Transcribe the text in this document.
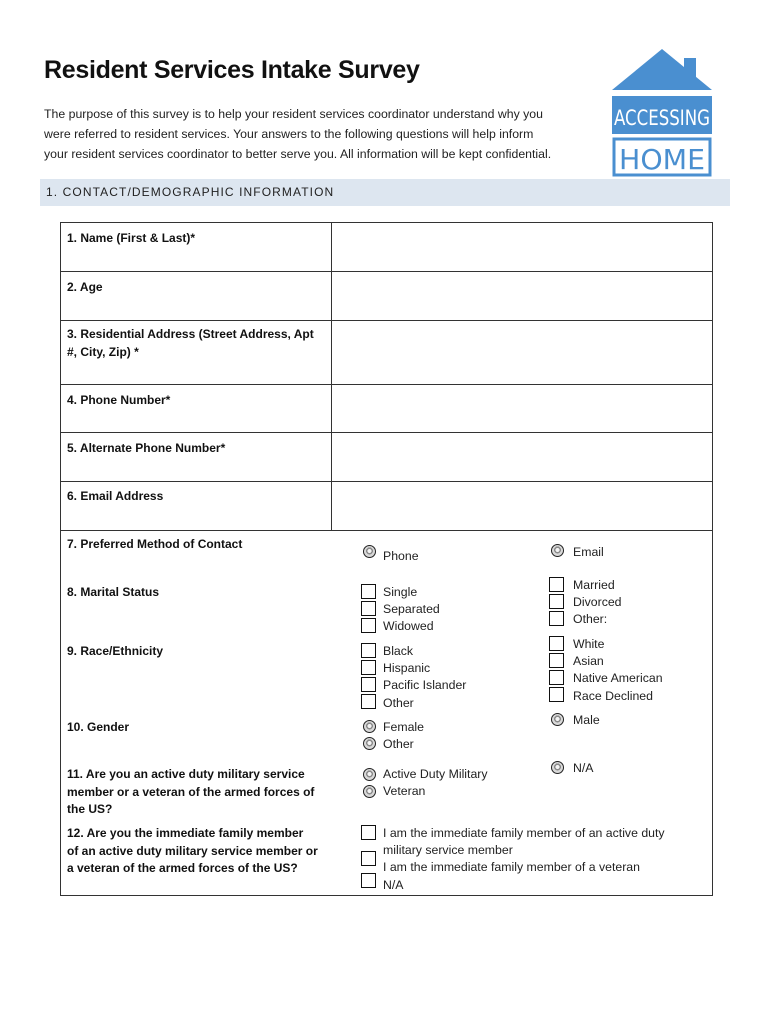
Resident Services Intake Survey
The purpose of this survey is to help your resident services coordinator understand why you
were referred to resident services. Your answers to the following questions will help inform
your resident services coordinator to better serve you. All information will be kept confidential.
ACCESSING
HOME
1. CONTACT/DEMOGRAPHIC INFORMATION
1. Name (First & Last)*
2. Age
3. Residential Address (Street Address, Apt
#, City, Zip) *
4. Phone Number*
5. Alternate Phone Number*
6. Email Address
7. Preferred Method of Contact
8. Marital Status
9. Race/Ethnicity
10. Gender
11. Are you an active duty military service
member or a veteran of the armed forces of
the US?
12. Are you the immediate family member
of an active duty military service member or
a veteran of the armed forces of the US?
Phone	Email
Single
Separated
Widowed
Married
Divorced
Other:
Black
Hispanic
Pacific Islander
Other
White
Asian
Native American
Race Declined
Female
Other
Male
Active Duty Military
Veteran
N/A
I am the immediate family member of an active duty
military service member
I am the immediate family member of a veteran
N/A
